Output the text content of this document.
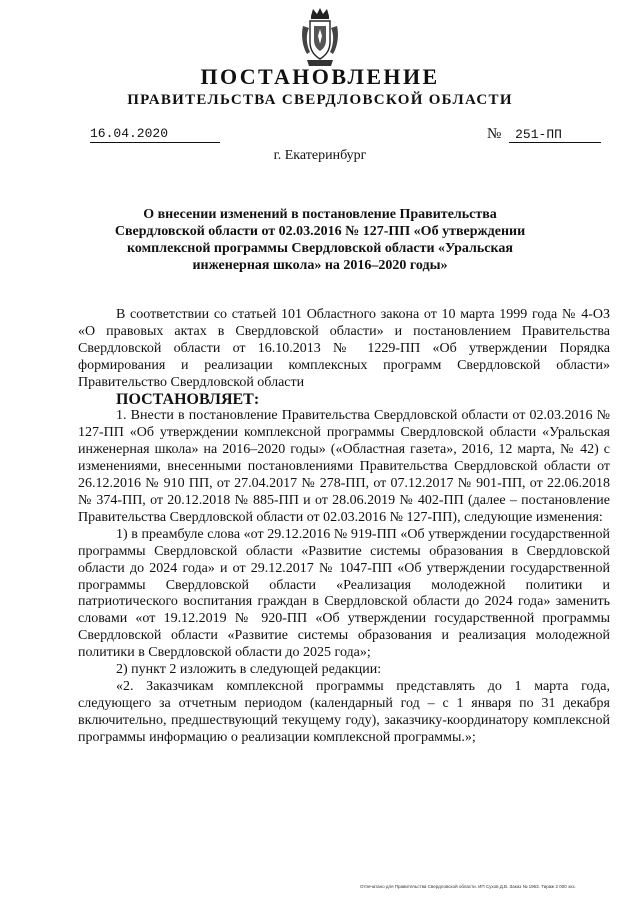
ПОСТАНОВЛЕНИЕ
ПРАВИТЕЛЬСТВА СВЕРДЛОВСКОЙ ОБЛАСТИ
16.04.2020	№ 251-ПП
г. Екатеринбург
О внесении изменений в постановление Правительства Свердловской области от 02.03.2016 № 127-ПП «Об утверждении комплексной программы Свердловской области «Уральская инженерная школа» на 2016–2020 годы»

В соответствии со статьей 101 Областного закона от 10 марта 1999 года № 4-ОЗ «О правовых актах в Свердловской области» и постановлением Правительства Свердловской области от 16.10.2013 № 1229-ПП «Об утверждении Порядка формирования и реализации комплексных программ Свердловской области» Правительство Свердловской области

ПОСТАНОВЛЯЕТ:

1. Внести в постановление Правительства Свердловской области от 02.03.2016 № 127-ПП «Об утверждении комплексной программы Свердловской области «Уральская инженерная школа» на 2016–2020 годы» («Областная газета», 2016, 12 марта, № 42) с изменениями, внесенными постановлениями Правительства Свердловской области от 26.12.2016 № 910 ПП, от 27.04.2017 № 278-ПП, от 07.12.2017 № 901-ПП, от 22.06.2018 № 374-ПП, от 20.12.2018 № 885-ПП и от 28.06.2019 № 402-ПП (далее – постановление Правительства Свердловской области от 02.03.2016 № 127-ПП), следующие изменения:

1) в преамбуле слова «от 29.12.2016 № 919-ПП «Об утверждении государственной программы Свердловской области «Развитие системы образования в Свердловской области до 2024 года» и от 29.12.2017 № 1047-ПП «Об утверждении государственной программы Свердловской области «Реализация молодежной политики и патриотического воспитания граждан в Свердловской области до 2024 года» заменить словами «от 19.12.2019 № 920-ПП «Об утверждении государственной программы Свердловской области «Развитие системы образования и реализация молодежной политики в Свердловской области до 2025 года»;

2) пункт 2 изложить в следующей редакции:

«2. Заказчикам комплексной программы представлять до 1 марта года, следующего за отчетным периодом (календарный год – с 1 января по 31 декабря включительно, предшествующий текущему году), заказчику-координатору комплексной программы информацию о реализации комплексной программы.»;

Отпечатано для Правительства Свердловской области. ИП Сухов Д.В. Заказ № 1963. Тираж 2 000 экз.
